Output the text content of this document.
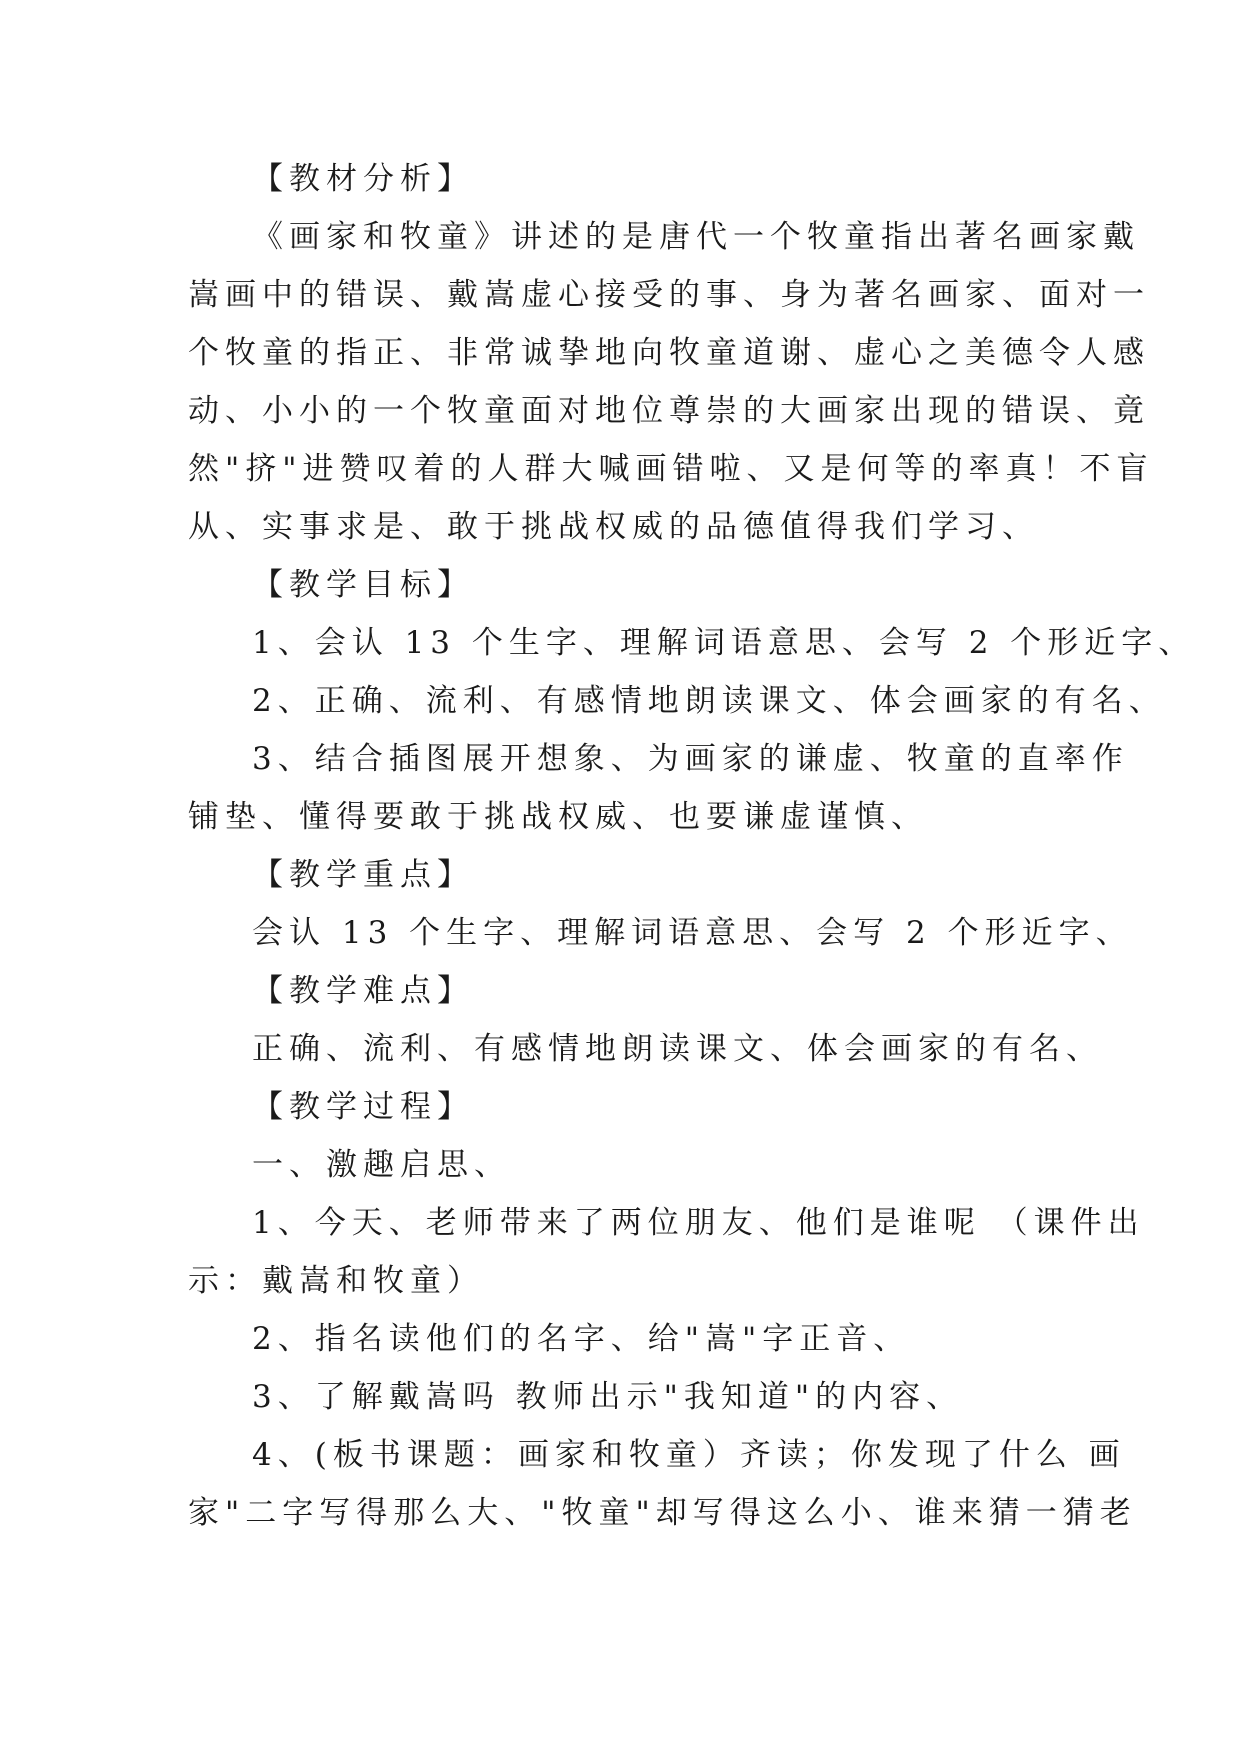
【教材分析】
《画家和牧童》讲述的是唐代一个牧童指出著名画家戴
嵩画中的错误、戴嵩虚心接受的事、身为著名画家、面对一
个牧童的指正、非常诚挚地向牧童道谢、虚心之美德令人感
动、小小的一个牧童面对地位尊崇的大画家出现的错误、竟
然"挤"进赞叹着的人群大喊画错啦、又是何等的率真！不盲
从、实事求是、敢于挑战权威的品德值得我们学习、
【教学目标】
1、会认 13 个生字、理解词语意思、会写 2 个形近字、
2、正确、流利、有感情地朗读课文、体会画家的有名、
3、结合插图展开想象、为画家的谦虚、牧童的直率作
铺垫、懂得要敢于挑战权威、也要谦虚谨慎、
【教学重点】
会认 13 个生字、理解词语意思、会写 2 个形近字、
【教学难点】
正确、流利、有感情地朗读课文、体会画家的有名、
【教学过程】
一、激趣启思、
1、今天、老师带来了两位朋友、他们是谁呢 （课件出
示：戴嵩和牧童）
2、指名读他们的名字、给"嵩"字正音、
3、了解戴嵩吗 教师出示"我知道"的内容、
4、(板书课题：画家和牧童）齐读；你发现了什么 画
家"二字写得那么大、"牧童"却写得这么小、谁来猜一猜老
